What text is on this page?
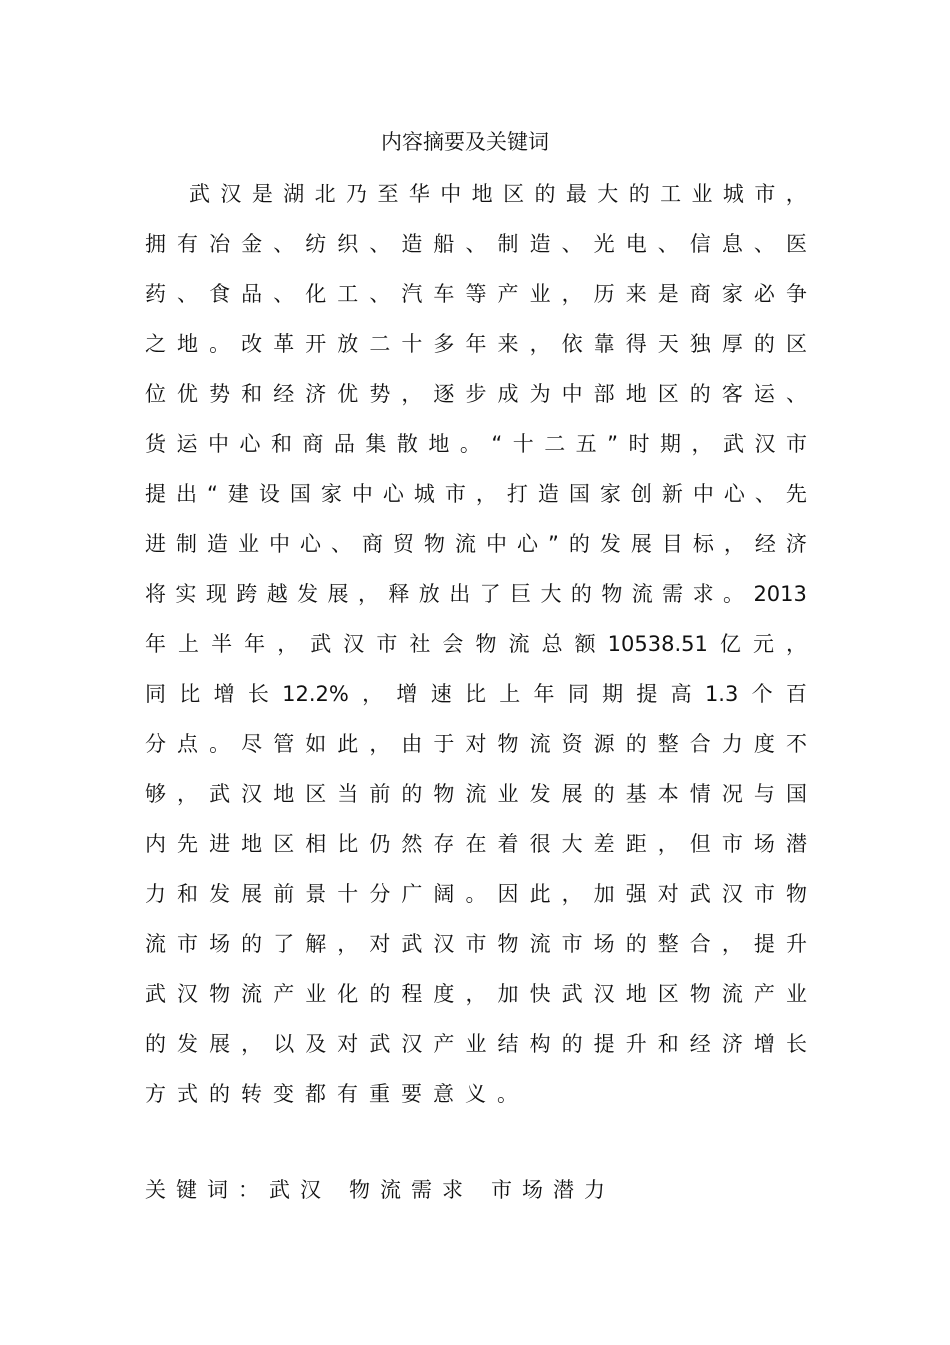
内容摘要及关键词
武 汉 是 湖 北 乃 至 华 中 地 区 的 最 大 的 工 业 城 市 ，
拥 有 冶 金 、 纺 织 、 造 船 、 制 造 、 光 电 、 信 息 、 医
药 、 食 品 、 化 工 、 汽 车 等 产 业 ， 历 来 是 商 家 必 争
之 地 。 改 革 开 放 二 十 多 年 来 ， 依 靠 得 天 独 厚 的 区
位 优 势 和 经 济 优 势 ， 逐 步 成 为 中 部 地 区 的 客 运 、
货 运 中 心 和 商 品 集 散 地 。 “ 十 二 五 ” 时 期 ， 武 汉 市
提 出 “ 建 设 国 家 中 心 城 市 ， 打 造 国 家 创 新 中 心 、 先
进 制 造 业 中 心 、 商 贸 物 流 中 心 ” 的 发 展 目 标 ， 经 济
将 实 现 跨 越 发 展 ， 释 放 出 了 巨 大 的 物 流 需 求 。 2013
年 上 半 年 ， 武 汉 市 社 会 物 流 总 额 10538.51 亿 元 ，
同 比 增 长 12.2% ， 增 速 比 上 年 同 期 提 高 1.3 个 百
分 点 。 尽 管 如 此 ， 由 于 对 物 流 资 源 的 整 合 力 度 不
够 ， 武 汉 地 区 当 前 的 物 流 业 发 展 的 基 本 情 况 与 国
内 先 进 地 区 相 比 仍 然 存 在 着 很 大 差 距 ， 但 市 场 潜
力 和 发 展 前 景 十 分 广 阔 。 因 此 ， 加 强 对 武 汉 市 物
流 市 场 的 了 解 ， 对 武 汉 市 物 流 市 场 的 整 合 ， 提 升
武 汉 物 流 产 业 化 的 程 度 ， 加 快 武 汉 地 区 物 流 产 业
的 发 展 ， 以 及 对 武 汉 产 业 结 构 的 提 升 和 经 济 增 长
方 式 的 转 变 都 有 重 要 意 义 。
关键词：武汉 物流需求 市场潜力
